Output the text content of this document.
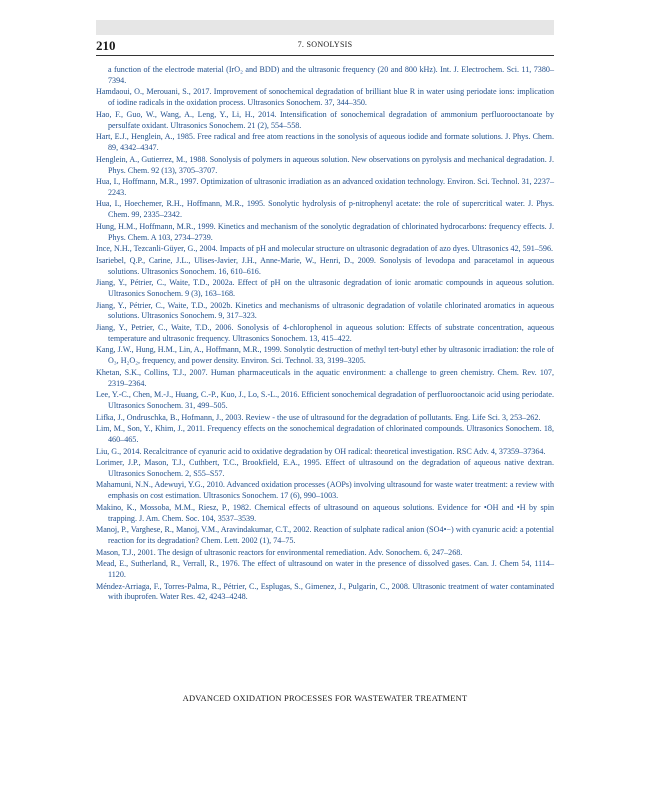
210	7. SONOLYSIS

a function of the electrode material (IrO₂ and BDD) and the ultrasonic frequency (20 and 800 kHz). Int. J. Electrochem. Sci. 11, 7380–7394.

Hamdaoui, O., Merouani, S., 2017. Improvement of sonochemical degradation of brilliant blue R in water using periodate ions: implication of iodine radicals in the oxidation process. Ultrasonics Sonochem. 37, 344–350.

Hao, F., Guo, W., Wang, A., Leng, Y., Li, H., 2014. Intensification of sonochemical degradation of ammonium perfluorooctanoate by persulfate oxidant. Ultrasonics Sonochem. 21 (2), 554–558.

Hart, E.J., Henglein, A., 1985. Free radical and free atom reactions in the sonolysis of aqueous iodide and formate solutions. J. Phys. Chem. 89, 4342–4347.

Henglein, A., Gutierrez, M., 1988. Sonolysis of polymers in aqueous solution. New observations on pyrolysis and mechanical degradation. J. Phys. Chem. 92 (13), 3705–3707.

Hua, I., Hoffmann, M.R., 1997. Optimization of ultrasonic irradiation as an advanced oxidation technology. Environ. Sci. Technol. 31, 2237–2243.

Hua, I., Hoechemer, R.H., Hoffmann, M.R., 1995. Sonolytic hydrolysis of p-nitrophenyl acetate: the role of supercritical water. J. Phys. Chem. 99, 2335–2342.

Hung, H.M., Hoffmann, M.R., 1999. Kinetics and mechanism of the sonolytic degradation of chlorinated hydrocarbons: frequency effects. J. Phys. Chem. A 103, 2734–2739.

Ince, N.H., Tezcanli-Güyer, G., 2004. Impacts of pH and molecular structure on ultrasonic degradation of azo dyes. Ultrasonics 42, 591–596.

Isariebel, Q.P., Carine, J.L., Ulises-Javier, J.H., Anne-Marie, W., Henri, D., 2009. Sonolysis of levodopa and paracetamol in aqueous solutions. Ultrasonics Sonochem. 16, 610–616.

Jiang, Y., Pétrier, C., Waite, T.D., 2002a. Effect of pH on the ultrasonic degradation of ionic aromatic compounds in aqueous solution. Ultrasonics Sonochem. 9 (3), 163–168.

Jiang, Y., Pétrier, C., Waite, T.D., 2002b. Kinetics and mechanisms of ultrasonic degradation of volatile chlorinated aromatics in aqueous solutions. Ultrasonics Sonochem. 9, 317–323.

Jiang, Y., Petrier, C., Waite, T.D., 2006. Sonolysis of 4-chlorophenol in aqueous solution: Effects of substrate concentration, aqueous temperature and ultrasonic frequency. Ultrasonics Sonochem. 13, 415–422.

Kang, J.W., Hung, H.M., Lin, A., Hoffmann, M.R., 1999. Sonolytic destruction of methyl tert-butyl ether by ultrasonic irradiation: the role of O₃, H₂O₂, frequency, and power density. Environ. Sci. Technol. 33, 3199–3205.

Khetan, S.K., Collins, T.J., 2007. Human pharmaceuticals in the aquatic environment: a challenge to green chemistry. Chem. Rev. 107, 2319–2364.

Lee, Y.-C., Chen, M.-J., Huang, C.-P., Kuo, J., Lo, S.-L., 2016. Efficient sonochemical degradation of perfluorooctanoic acid using periodate. Ultrasonics Sonochem. 31, 499–505.

Lifka, J., Ondruschka, B., Hofmann, J., 2003. Review - the use of ultrasound for the degradation of pollutants. Eng. Life Sci. 3, 253–262.

Lim, M., Son, Y., Khim, J., 2011. Frequency effects on the sonochemical degradation of chlorinated compounds. Ultrasonics Sonochem. 18, 460–465.

Liu, G., 2014. Recalcitrance of cyanuric acid to oxidative degradation by OH radical: theoretical investigation. RSC Adv. 4, 37359–37364.

Lorimer, J.P., Mason, T.J., Cuthbert, T.C., Brookfield, E.A., 1995. Effect of ultrasound on the degradation of aqueous native dextran. Ultrasonics Sonochem. 2, S55–S57.

Mahamuni, N.N., Adewuyi, Y.G., 2010. Advanced oxidation processes (AOPs) involving ultrasound for waste water treatment: a review with emphasis on cost estimation. Ultrasonics Sonochem. 17 (6), 990–1003.

Makino, K., Mossoba, M.M., Riesz, P., 1982. Chemical effects of ultrasound on aqueous solutions. Evidence for •OH and •H by spin trapping. J. Am. Chem. Soc. 104, 3537–3539.

Manoj, P., Varghese, R., Manoj, V.M., Aravindakumar, C.T., 2002. Reaction of sulphate radical anion (SO4•−) with cyanuric acid: a potential reaction for its degradation? Chem. Lett. 2002 (1), 74–75.

Mason, T.J., 2001. The design of ultrasonic reactors for environmental remediation. Adv. Sonochem. 6, 247–268.

Mead, E., Sutherland, R., Verrall, R., 1976. The effect of ultrasound on water in the presence of dissolved gases. Can. J. Chem 54, 1114–1120.

Méndez-Arriaga, F., Torres-Palma, R., Pétrier, C., Esplugas, S., Gimenez, J., Pulgarin, C., 2008. Ultrasonic treatment of water contaminated with ibuprofen. Water Res. 42, 4243–4248.

ADVANCED OXIDATION PROCESSES FOR WASTEWATER TREATMENT
